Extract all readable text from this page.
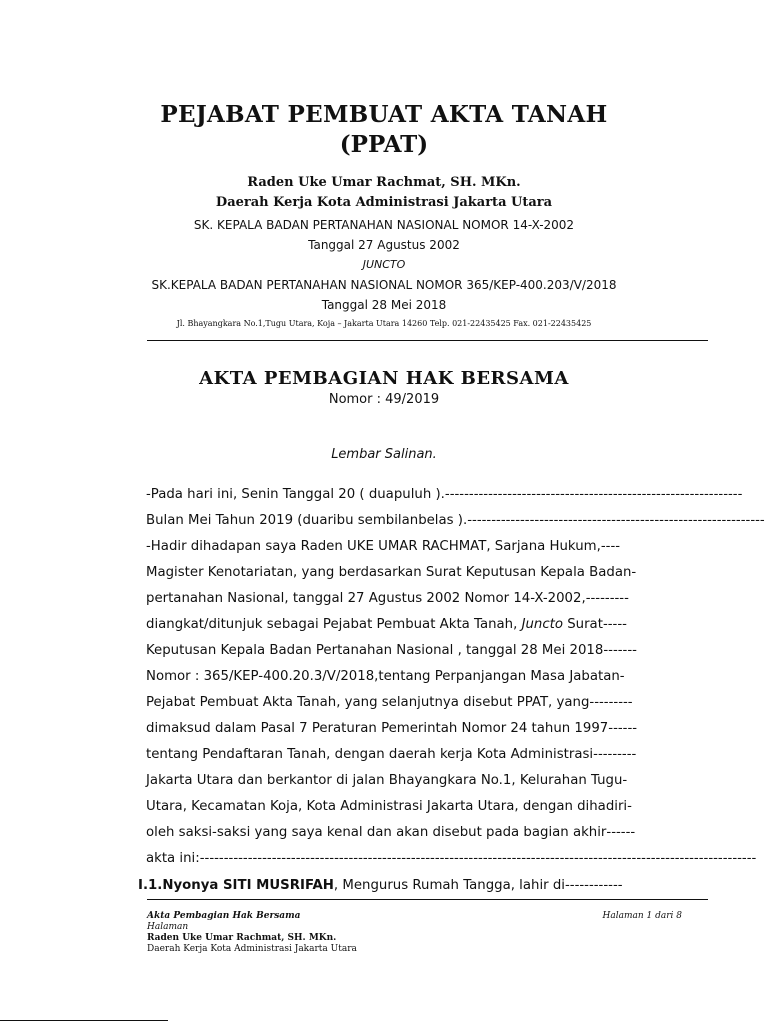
PEJABAT PEMBUAT AKTA TANAH
(PPAT)
Raden Uke Umar Rachmat, SH. MKn.
Daerah Kerja Kota Administrasi Jakarta Utara
SK. KEPALA BADAN PERTANAHAN NASIONAL NOMOR 14-X-2002
Tanggal 27 Agustus 2002
JUNCTO
SK.KEPALA BADAN PERTANAHAN NASIONAL NOMOR 365/KEP-400.203/V/2018
Tanggal 28 Mei 2018
Jl. Bhayangkara No.1,Tugu Utara, Koja – Jakarta Utara 14260 Telp. 021-22435425 Fax. 021-22435425
AKTA PEMBAGIAN HAK BERSAMA
Nomor : 49/2019
Lembar Salinan.
-Pada hari ini, Senin Tanggal 20 ( duapuluh ). --------------------------------------------------------------
Bulan Mei Tahun 2019 (duaribu sembilanbelas ). --------------------------------------------------------------
-Hadir dihadapan saya Raden UKE UMAR RACHMAT, Sarjana Hukum, ----
Magister Kenotariatan, yang berdasarkan Surat Keputusan Kepala Badan-
pertanahan Nasional, tanggal 27 Agustus 2002 Nomor 14-X-2002, ---------
diangkat/ditunjuk sebagai Pejabat Pembuat Akta Tanah, Juncto Surat -----
Keputusan Kepala Badan Pertanahan Nasional , tanggal 28 Mei 2018 -------
Nomor : 365/KEP-400.20.3/V/2018,tentang Perpanjangan Masa Jabatan-
Pejabat Pembuat Akta Tanah, yang selanjutnya disebut PPAT, yang ---------
dimaksud dalam Pasal 7 Peraturan Pemerintah Nomor 24 tahun 1997 ------
tentang Pendaftaran Tanah, dengan daerah kerja Kota Administrasi ---------
Jakarta Utara dan berkantor di jalan Bhayangkara No.1, Kelurahan Tugu-
Utara, Kecamatan Koja, Kota Administrasi Jakarta Utara, dengan dihadiri-
oleh saksi-saksi yang saya kenal dan akan disebut pada bagian akhir ------
akta ini: --------------------------------------------------------------------------------------------------------------------
I.1. Nyonya SITI MUSRIFAH , Mengurus Rumah Tangga, lahir di ------------
Akta Pembagian Hak Bersama	Halaman 1 dari 8
Halaman
Raden Uke Umar Rachmat, SH. MKn.
Daerah Kerja Kota Administrasi Jakarta Utara
